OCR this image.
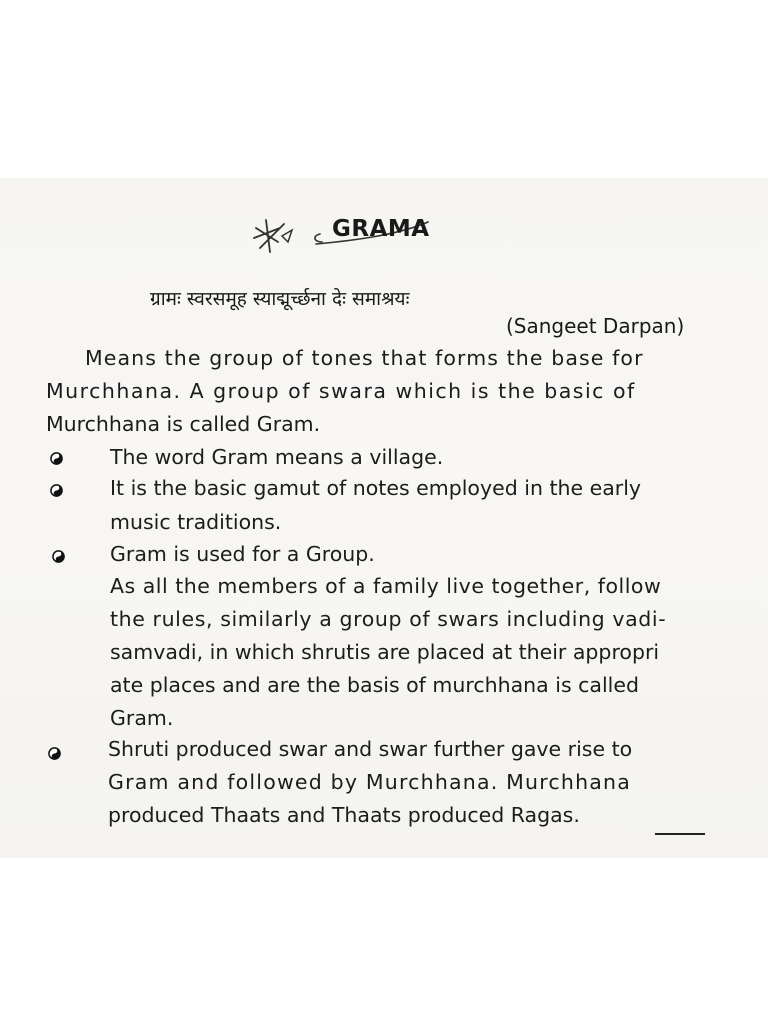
GRAMA
ग्रामः स्वरसमूह स्याद्मूर्च्छना देः समाश्रयः
(Sangeet Darpan)
Means the group of tones that forms the base for
Murchhana. A group of swara which is the basic of
Murchhana is called Gram.
The word Gram means a village.
It is the basic gamut of notes employed in the early
music traditions.
Gram is used for a Group.
As all the members of a family live together, follow
the rules, similarly a group of swars including vadi-
samvadi, in which shrutis are placed at their appropri
ate places and are the basis of murchhana is called
Gram.
Shruti produced swar and swar further gave rise to
Gram and followed by Murchhana. Murchhana
produced Thaats and Thaats produced Ragas.
